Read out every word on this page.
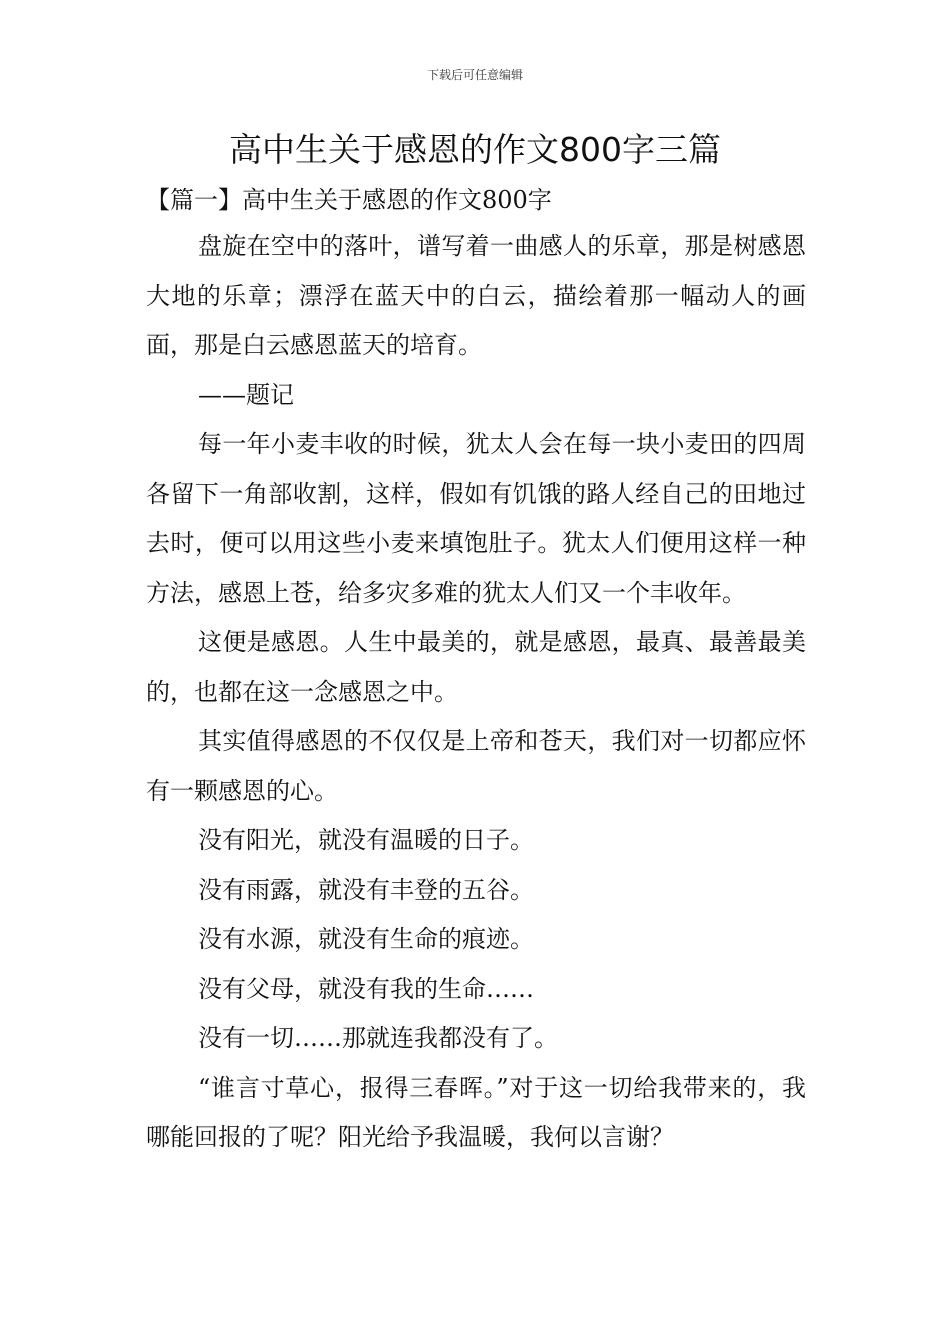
下载后可任意编辑
高中生关于感恩的作文800字三篇

【篇一】高中生关于感恩的作文800字

盘旋在空中的落叶，谱写着一曲感人的乐章，那是树感恩大地的乐章；漂浮在蓝天中的白云，描绘着那一幅动人的画面，那是白云感恩蓝天的培育。

——题记

每一年小麦丰收的时候，犹太人会在每一块小麦田的四周各留下一角部收割，这样，假如有饥饿的路人经自己的田地过去时，便可以用这些小麦来填饱肚子。犹太人们便用这样一种方法，感恩上苍，给多灾多难的犹太人们又一个丰收年。

这便是感恩。人生中最美的，就是感恩，最真、最善最美的，也都在这一念感恩之中。

其实值得感恩的不仅仅是上帝和苍天，我们对一切都应怀有一颗感恩的心。

没有阳光，就没有温暖的日子。

没有雨露，就没有丰登的五谷。

没有水源，就没有生命的痕迹。

没有父母，就没有我的生命……

没有一切……那就连我都没有了。

“谁言寸草心，报得三春晖。”对于这一切给我带来的，我哪能回报的了呢？阳光给予我温暖，我何以言谢？
